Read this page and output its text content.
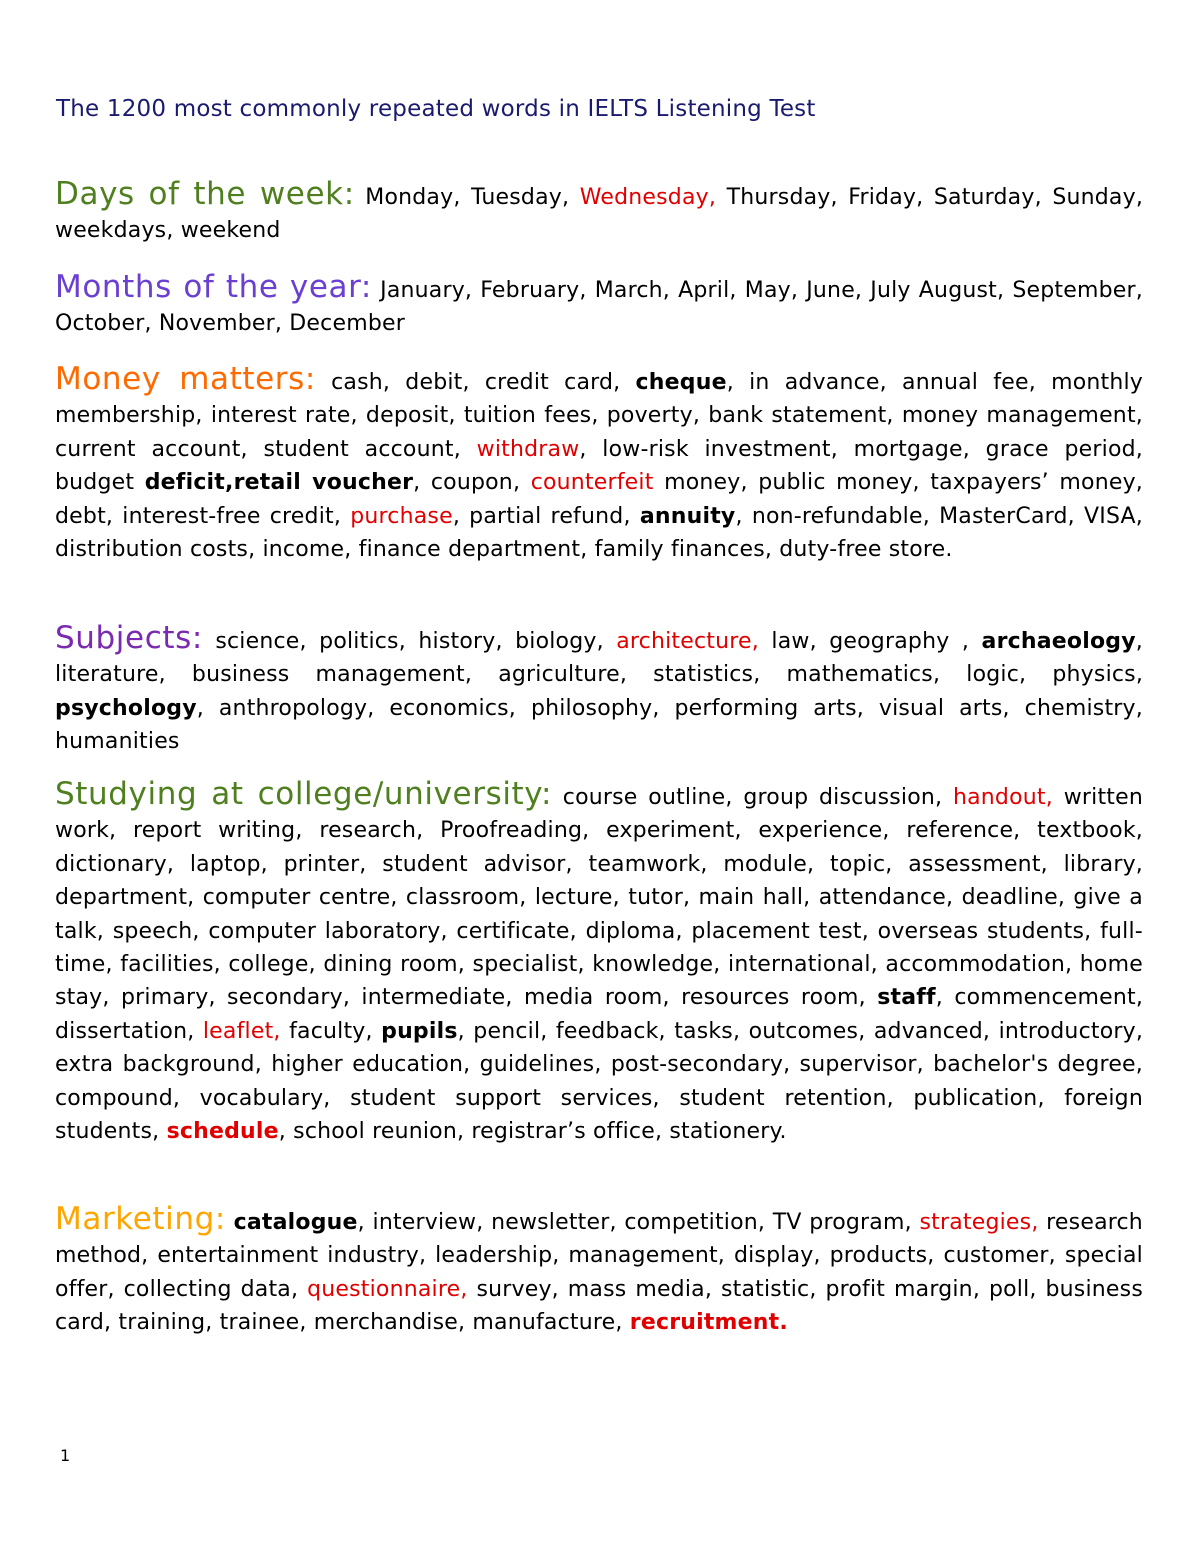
The 1200 most commonly repeated words in IELTS Listening Test
Days of the week: Monday, Tuesday, Wednesday, Thursday, Friday, Saturday, Sunday, weekdays, weekend
Months of the year: January, February, March, April, May, June, July August, September, October, November, December
Money matters: cash, debit, credit card, cheque, in advance, annual fee, monthly membership, interest rate, deposit, tuition fees, poverty, bank statement, money management, current account, student account, withdraw, low-risk investment, mortgage, grace period, budget deficit,retail voucher, coupon, counterfeit money, public money, taxpayers’ money, debt, interest-free credit, purchase, partial refund, annuity, non-refundable, MasterCard, VISA, distribution costs, income, finance department, family finances, duty-free store.
Subjects: science, politics, history, biology, architecture, law, geography , archaeology, literature, business management, agriculture, statistics, mathematics, logic, physics, psychology, anthropology, economics, philosophy, performing arts, visual arts, chemistry, humanities
Studying at college/university: course outline, group discussion, handout, written work, report writing, research, Proofreading, experiment, experience, reference, textbook, dictionary, laptop, printer, student advisor, teamwork, module, topic, assessment, library, department, computer centre, classroom, lecture, tutor, main hall, attendance, deadline, give a talk, speech, computer laboratory, certificate, diploma, placement test, overseas students, full-time, facilities, college, dining room, specialist, knowledge, international, accommodation, home stay, primary, secondary, intermediate, media room, resources room, staff, commencement, dissertation, leaflet, faculty, pupils, pencil, feedback, tasks, outcomes, advanced, introductory, extra background, higher education, guidelines, post-secondary, supervisor, bachelor's degree, compound, vocabulary, student support services, student retention, publication, foreign students, schedule, school reunion, registrar’s office, stationery.
Marketing: catalogue, interview, newsletter, competition, TV program, strategies, research method, entertainment industry, leadership, management, display, products, customer, special offer, collecting data, questionnaire, survey, mass media, statistic, profit margin, poll, business card, training, trainee, merchandise, manufacture, recruitment.
1
